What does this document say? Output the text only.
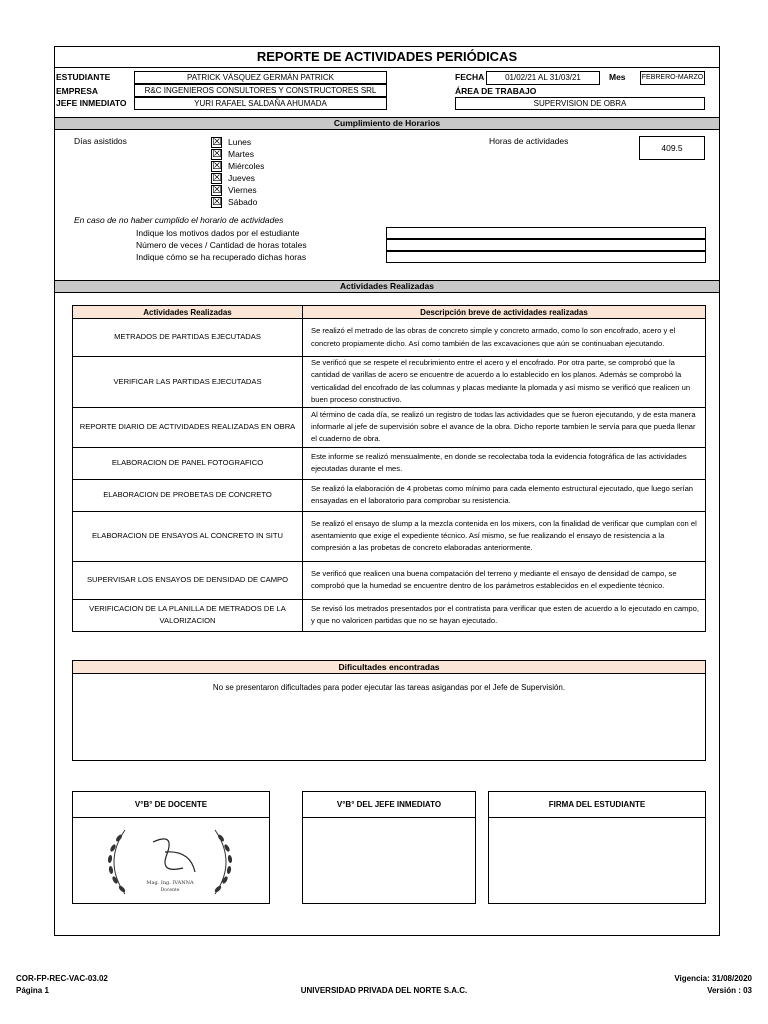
REPORTE DE ACTIVIDADES PERIÓDICAS
ESTUDIANTE	PATRICK VÁSQUEZ GERMÁN PATRICK
EMPRESA	R&C INGENIEROS CONSULTORES Y CONSTRUCTORES SRL
JEFE INMEDIATO	YURI RAFAEL SALDAÑA AHUMADA
FECHA	01/02/21 AL 31/03/21	Mes FEBRERO-MARZO
ÁREA DE TRABAJO
SUPERVISION DE OBRA
Cumplimiento de Horarios
Días asistidos	☒ Lunes
☒ Martes
☒ Miércoles
☒ Jueves
☒ Viernes
☒ Sábado
Horas de actividades
409.5
En caso de no haber cumplido el horario de actividades
Indique los motivos dados por el estudiante
Número de veces / Cantidad de horas totales
Indique cómo se ha recuperado dichas horas
Actividades Realizadas
Actividades Realizadas	Descripción breve de actividades realizadas
METRADOS DE PARTIDAS EJECUTADAS	Se realizó el metrado de las obras de concreto simple y concreto armado, como lo son encofrado, acero y el concreto propiamente dicho. Así como también de las excavaciones que aún se continuaban ejecutando.
VERIFICAR LAS PARTIDAS EJECUTADAS	Se verificó que se respete el recubrimiento entre el acero y el encofrado. Por otra parte, se comprobó que la cantidad de varillas de acero se encuentre de acuerdo a lo establecido en los planos. Además se comprobó la verticalidad del encofrado de las columnas y placas mediante la plomada y así mismo se verificó que realicen un buen proceso constructivo.
REPORTE DIARIO DE ACTIVIDADES REALIZADAS EN OBRA	Al término de cada día, se realizó un registro de todas las actividades que se fueron ejecutando, y de esta manera informarle al jefe de supervisión sobre el avance de la obra. Dicho reporte tambien le servía para que pueda llenar el cuaderno de obra.
ELABORACION DE PANEL FOTOGRAFICO	Este informe se realizó mensualmente, en donde se recolectaba toda la evidencia fotográfica de las actividades ejecutadas durante el mes.
ELABORACION DE PROBETAS DE CONCRETO	Se realizó la elaboración de 4 probetas como mínimo para cada elemento estructural ejecutado, que luego serían ensayadas en el laboratorio para comprobar su resistencia.
ELABORACION DE ENSAYOS AL CONCRETO IN SITU	Se realizó el ensayo de slump a la mezcla contenida en los mixers, con la finalidad de verificar que cumplan con el asentamiento que exige el expediente técnico. Así mismo, se fue realizando el ensayo de resistencia a la compresión a las probetas de concreto elaboradas anteriormente.
SUPERVISAR LOS ENSAYOS DE DENSIDAD DE CAMPO	Se verificó que realicen una buena compatación del terreno y mediante el ensayo de densidad de campo, se comprobó que la humedad se encuentre dentro de los parámetros establecidos en el expediente técnico.
VERIFICACION DE LA PLANILLA DE METRADOS DE LA VALORIZACION	Se revisó los metrados presentados por el contratista para verificar que esten de acuerdo a lo ejecutado en campo, y que no valoricen partidas que no se hayan ejecutado.
Dificultades encontradas
No se presentaron dificultades para poder ejecutar las tareas asigandas por el Jefe de Supervisión.
V°B° DE DOCENTE
Mag. Ing. IVANNA
Docente
V°B° DEL JEFE INMEDIATO	FIRMA DEL ESTUDIANTE
COR-FP-REC-VAC-03.02
Página 1	UNIVERSIDAD PRIVADA DEL NORTE S.A.C.
Vigencia: 31/08/2020
Versión : 03
